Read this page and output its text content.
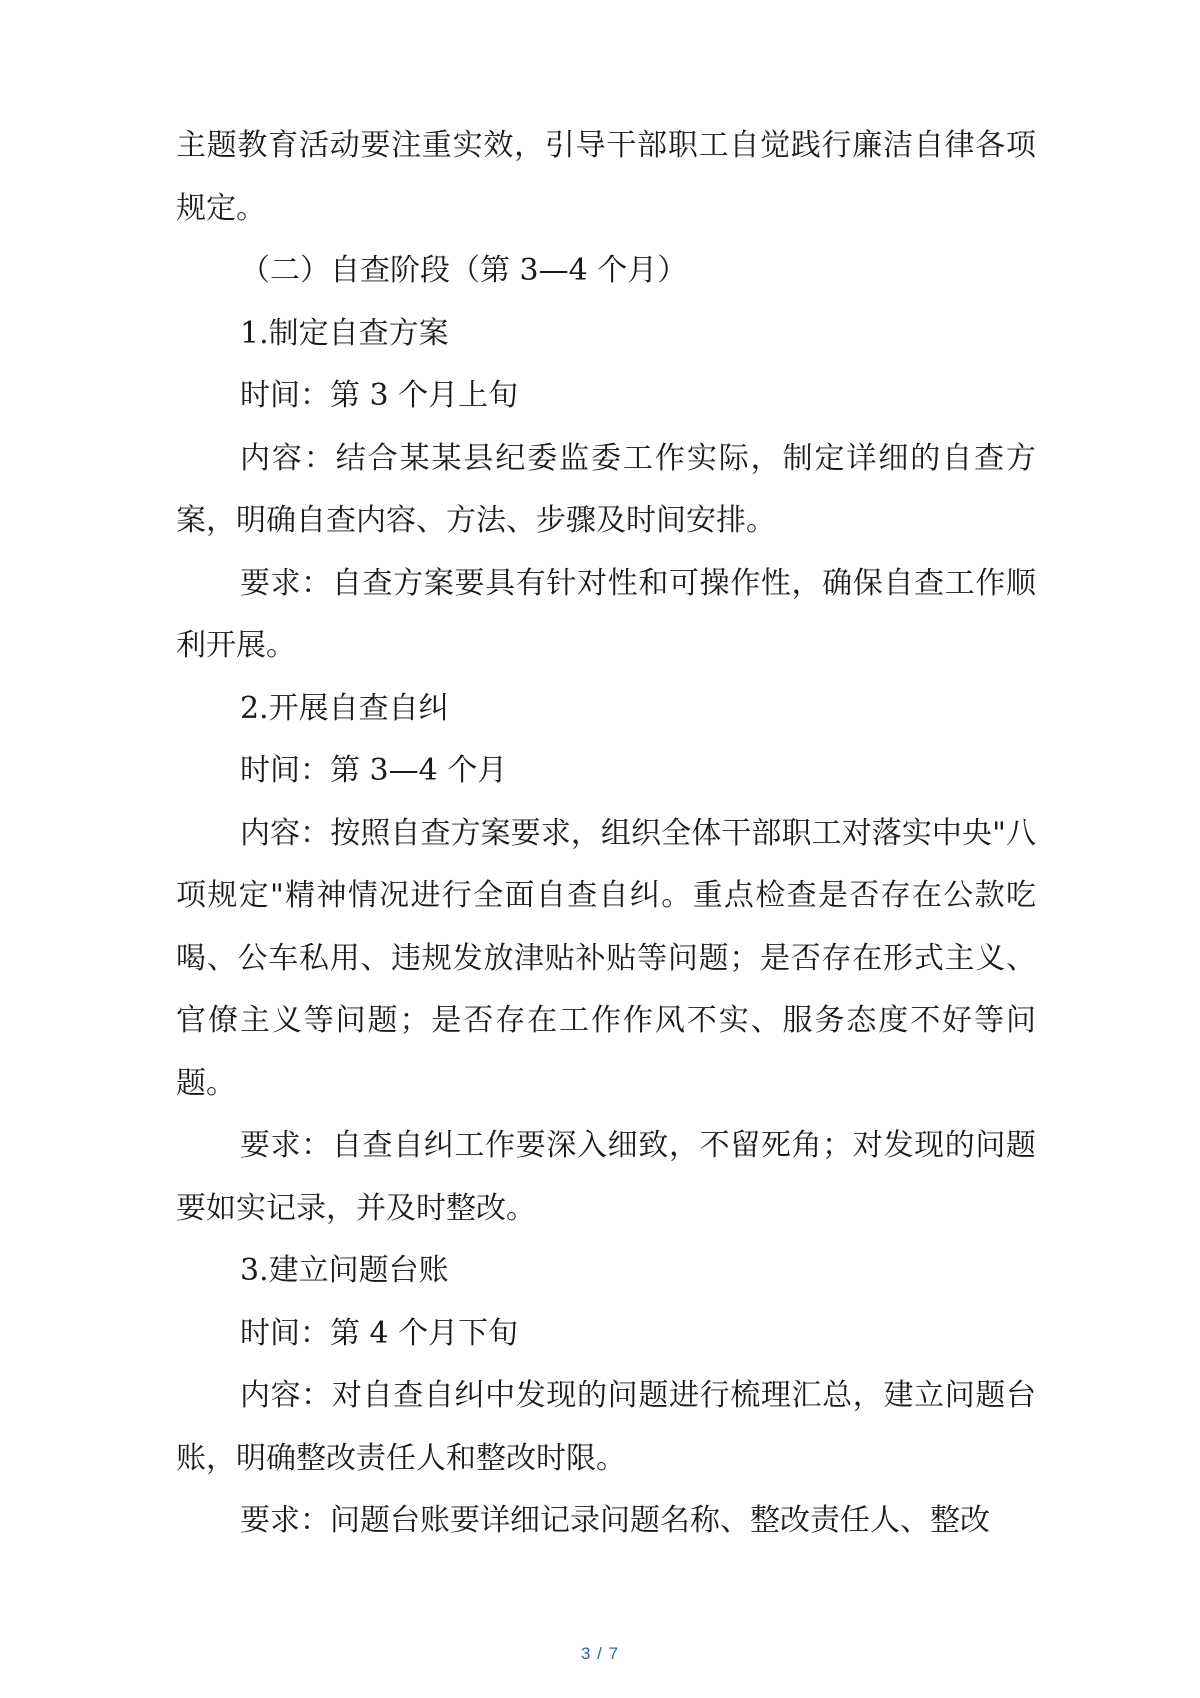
主题教育活动要注重实效，引导干部职工自觉践行廉洁自律各项规定。

（二）自查阶段（第 3—4 个月）

1.制定自查方案

时间：第 3 个月上旬

内容：结合某某县纪委监委工作实际，制定详细的自查方案，明确自查内容、方法、步骤及时间安排。

要求：自查方案要具有针对性和可操作性，确保自查工作顺利开展。

2.开展自查自纠

时间：第 3—4 个月

内容：按照自查方案要求，组织全体干部职工对落实中央"八项规定"精神情况进行全面自查自纠。重点检查是否存在公款吃喝、公车私用、违规发放津贴补贴等问题；是否存在形式主义、官僚主义等问题；是否存在工作作风不实、服务态度不好等问题。

要求：自查自纠工作要深入细致，不留死角；对发现的问题要如实记录，并及时整改。

3.建立问题台账

时间：第 4 个月下旬

内容：对自查自纠中发现的问题进行梳理汇总，建立问题台账，明确整改责任人和整改时限。

要求：问题台账要详细记录问题名称、整改责任人、整改

3 / 7
